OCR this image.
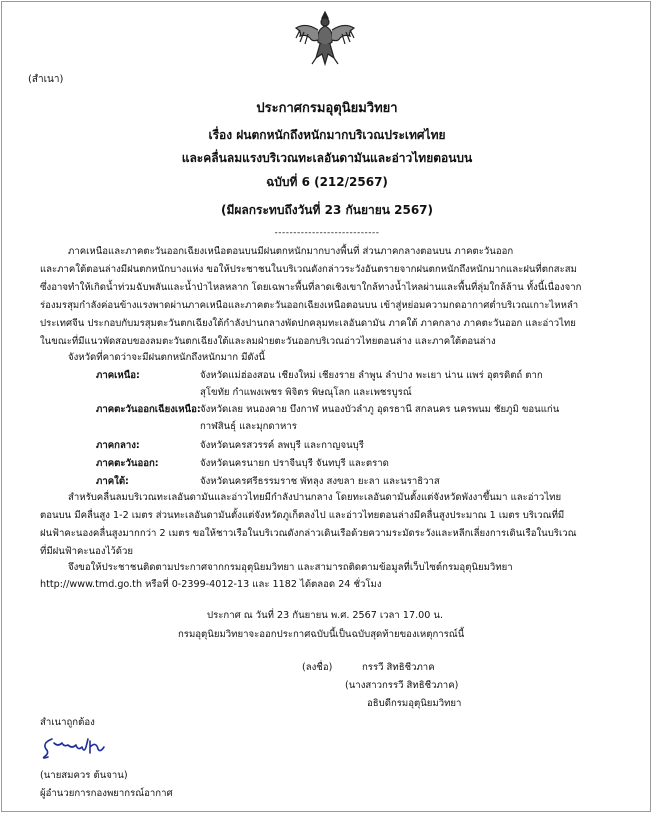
(สำเนา)
ประกาศกรมอุตุนิยมวิทยา
เรื่อง ฝนตกหนักถึงหนักมากบริเวณประเทศไทย
และคลื่นลมแรงบริเวณทะเลอันดามันและอ่าวไทยตอนบน
ฉบับที่ 6 (212/2567)
(มีผลกระทบถึงวันที่ 23 กันยายน 2567)
----------------------------
ภาคเหนือและภาคตะวันออกเฉียงเหนือตอนบนมีฝนตกหนักมากบางพื้นที่ ส่วนภาคกลางตอนบน ภาคตะวันออก
และภาคใต้ตอนล่างมีฝนตกหนักบางแห่ง ขอให้ประชาชนในบริเวณดังกล่าวระวังอันตรายจากฝนตกหนักถึงหนักมากและฝนที่ตกสะสม
ซึ่งอาจทำให้เกิดน้ำท่วมฉับพลันและน้ำป่าไหลหลาก โดยเฉพาะพื้นที่ลาดเชิงเขาใกล้ทางน้ำไหลผ่านและพื้นที่ลุ่มใกล้ล้าน ทั้งนี้เนื่องจาก
ร่องมรสุมกำลังค่อนข้างแรงพาดผ่านภาคเหนือและภาคตะวันออกเฉียงเหนือตอนบน เข้าสู่หย่อมความกดอากาศต่ำบริเวณเกาะไหหลำ
ประเทศจีน ประกอบกับมรสุมตะวันตกเฉียงใต้กำลังปานกลางพัดปกคลุมทะเลอันดามัน ภาคใต้ ภาคกลาง ภาคตะวันออก และอ่าวไทย
ในขณะที่มีแนวพัดสอบของลมตะวันตกเฉียงใต้และลมฝ่ายตะวันออกบริเวณอ่าวไทยตอนล่าง และภาคใต้ตอนล่าง
จังหวัดที่คาดว่าจะมีฝนตกหนักถึงหนักมาก มีดังนี้
ภาคเหนือ:	จังหวัดแม่ฮ่องสอน เชียงใหม่ เชียงราย ลำพูน ลำปาง พะเยา น่าน แพร่ อุตรดิตถ์ ตาก
สุโขทัย กำแพงเพชร พิจิตร พิษณุโลก และเพชรบูรณ์
ภาคตะวันออกเฉียงเหนือ: จังหวัดเลย หนองคาย บึงกาฬ หนองบัวลำภู อุดรธานี สกลนคร นครพนม ชัยภูมิ ขอนแก่น
กาฬสินธุ์ และมุกดาหาร
ภาคกลาง:	จังหวัดนครสวรรค์ ลพบุรี และกาญจนบุรี
ภาคตะวันออก:	จังหวัดนครนายก ปราจีนบุรี จันทบุรี และตราด
ภาคใต้:	จังหวัดนครศรีธรรมราช พัทลุง สงขลา ยะลา และนราธิวาส
สำหรับคลื่นลมบริเวณทะเลอันดามันและอ่าวไทยมีกำลังปานกลาง โดยทะเลอันดามันตั้งแต่จังหวัดพังงาขึ้นมา และอ่าวไทย
ตอนบน มีคลื่นสูง 1-2 เมตร ส่วนทะเลอันดามันตั้งแต่จังหวัดภูเก็ตลงไป และอ่าวไทยตอนล่างมีคลื่นสูงประมาณ 1 เมตร บริเวณที่มี
ฝนฟ้าคะนองคลื่นสูงมากกว่า 2 เมตร ขอให้ชาวเรือในบริเวณดังกล่าวเดินเรือด้วยความระมัดระวังและหลีกเลี่ยงการเดินเรือในบริเวณ
ที่มีฝนฟ้าคะนองไว้ด้วย
จึงขอให้ประชาชนติดตามประกาศจากกรมอุตุนิยมวิทยา และสามารถติดตามข้อมูลที่เว็บไซต์กรมอุตุนิยมวิทยา
http://www.tmd.go.th หรือที่ 0-2399-4012-13 และ 1182 ได้ตลอด 24 ชั่วโมง
ประกาศ ณ วันที่ 23 กันยายน พ.ศ. 2567 เวลา 17.00 น.
กรมอุตุนิยมวิทยาจะออกประกาศฉบับนี้เป็นฉบับสุดท้ายของเหตุการณ์นี้
(ลงชื่อ)	กรรวี สิทธิชีวภาค
(นางสาวกรรวี สิทธิชีวภาค)
อธิบดีกรมอุตุนิยมวิทยา
สำเนาถูกต้อง
(นายสมควร ต้นจาน)
ผู้อำนวยการกองพยากรณ์อากาศ
